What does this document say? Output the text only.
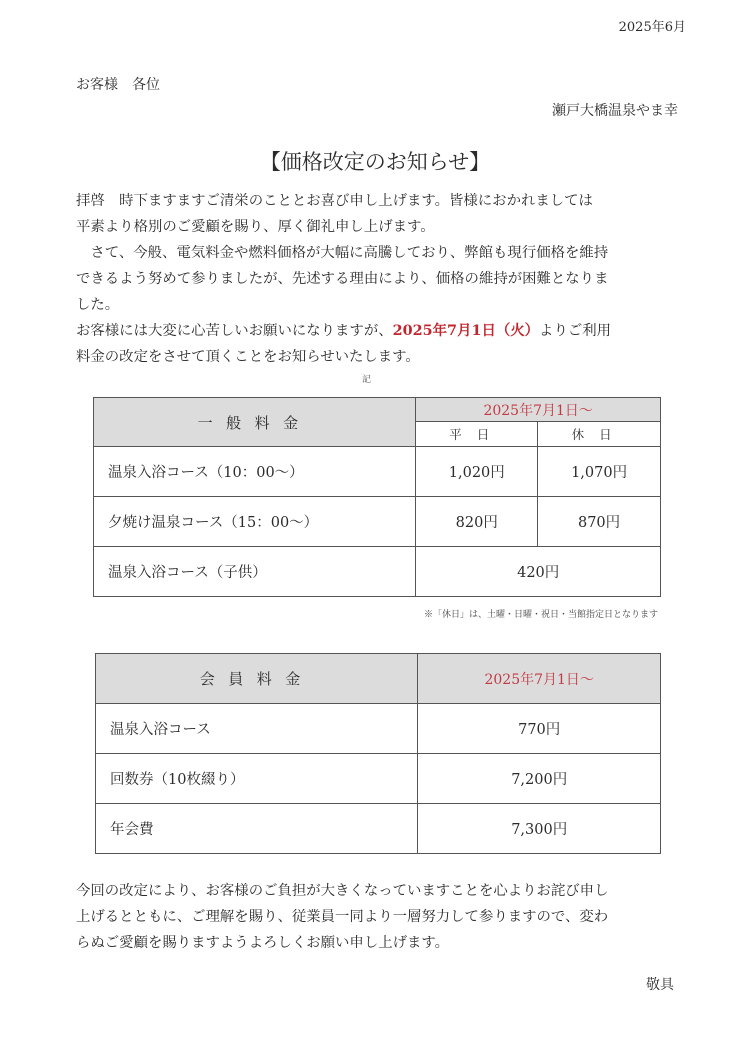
2025年6月
お客様　各位
瀬戸大橋温泉やま幸
【価格改定のお知らせ】
拝啓　時下ますますご清栄のこととお喜び申し上げます。皆様におかれましては
平素より格別のご愛顧を賜り、厚く御礼申し上げます。
　さて、今般、電気料金や燃料価格が大幅に高騰しており、弊館も現行価格を維持
できるよう努めて参りましたが、先述する理由により、価格の維持が困難となりま
した。
お客様には大変に心苦しいお願いになりますが、2025年7月1日（火）よりご利用
料金の改定をさせて頂くことをお知らせいたします。
記
一般料金	2025年7月1日～	
	平日	休日
温泉入浴コース（10：00～）	1,020円	1,070円
夕焼け温泉コース（15：00～）	820円	870円
温泉入浴コース（子供）	420円	
※「休日」は、土曜・日曜・祝日・当館指定日となります
会員料金	2025年7月1日～
温泉入浴コース	770円
回数券（10枚綴り）	7,200円
年会費	7,300円
今回の改定により、お客様のご負担が大きくなっていますことを心よりお詫び申し
上げるとともに、ご理解を賜り、従業員一同より一層努力して参りますので、変わ
らぬご愛顧を賜りますようよろしくお願い申し上げます。
敬具
